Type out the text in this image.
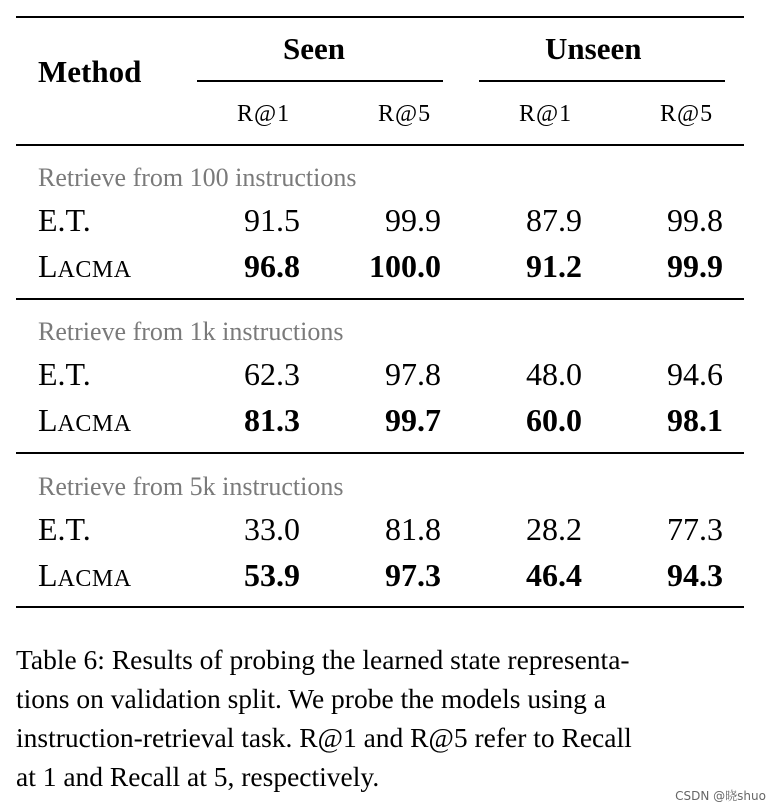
Method
Seen	Unseen
R@1	R@5	R@1	R@5
Retrieve from 100 instructions
E.T.	91.5	99.9	87.9	99.8
LACMA	96.8	100.0	91.2	99.9
Retrieve from 1k instructions
E.T.	62.3	97.8	48.0	94.6
LACMA	81.3	99.7	60.0	98.1
Retrieve from 5k instructions
E.T.	33.0	81.8	28.2	77.3
LACMA	53.9	97.3	46.4	94.3
Table 6: Results of probing the learned state representa-
tions on validation split. We probe the models using a
instruction-retrieval task. R@1 and R@5 refer to Recall
at 1 and Recall at 5, respectively.
CSDN @晓shuo
